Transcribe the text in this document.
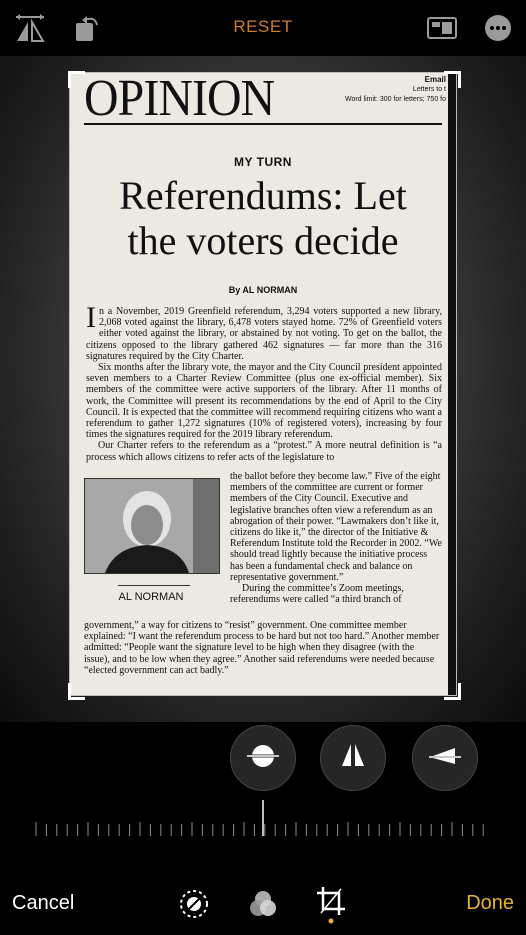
RESET
OPINION	Email
Letters to t
Word limit: 300 for letters; 750 fo
MY TURN
Referendums: Let
the voters decide
By AL NORMAN

In a November, 2019 Greenfield referendum, 3,294 voters supported a new library, 2,068 voted against the library, 6,478 voters stayed home. 72% of Greenfield voters either voted against the library, or abstained by not voting. To get on the ballot, the citizens opposed to the library gathered 462 signatures — far more than the 316 signatures required by the City Charter.

Six months after the library vote, the mayor and the City Council president appointed seven members to a Charter Review Committee (plus one ex-official member). Six members of the committee were active supporters of the library. After 11 months of work, the Committee will present its recommendations by the end of April to the City Council. It is expected that the committee will recommend requiring citizens who want a referendum to gather 1,272 signatures (10% of registered voters), increasing by four times the signatures required for the 2019 library referendum.

Our Charter refers to the referendum as a “protest.” A more neutral definition is “a process which allows citizens to refer acts of the legislature to

AL NORMAN
the ballot before they become law.” Five of the eight members of the committee are current or former members of the City Council. Executive and legislative branches often view a referendum as an abrogation of their power. “Lawmakers don’t like it, citizens do like it,” the director of the Initiative & Referendum Institute told the Recorder in 2002. “We should tread lightly because the initiative process has been a fundamental check and balance on representative government.”
During the committee’s Zoom meetings, referendums were called “a third branch of
government,” a way for citizens to “resist” government. One committee member explained: “I want the referendum process to be hard but not too hard.” Another member admitted: “People want the signature level to be high when they disagree (with the issue), and to be low when they agree.” Another said referendums were needed because “elected government can act badly.”
Cancel	Done
